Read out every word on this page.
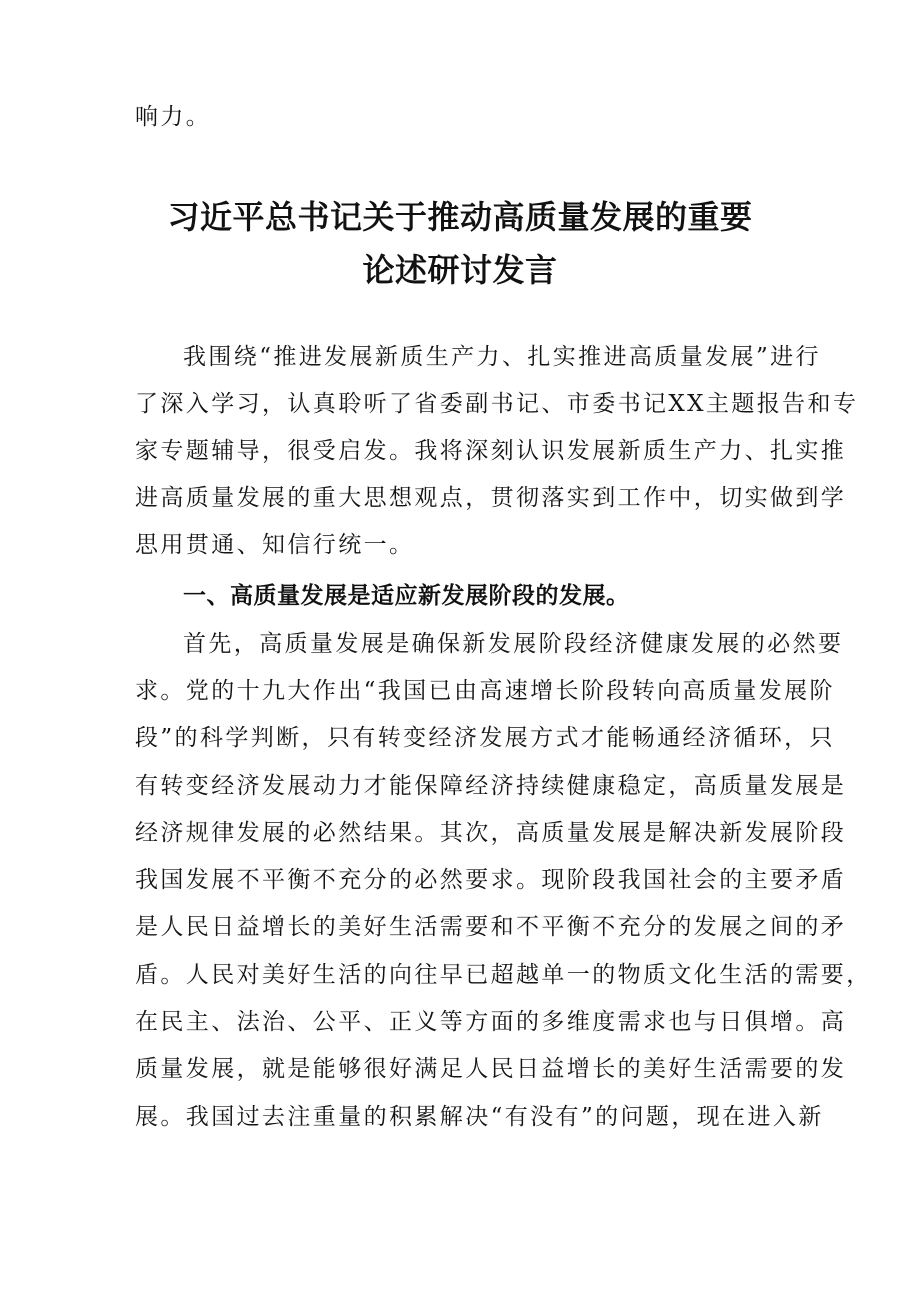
响力。
习近平总书记关于推动高质量发展的重要
论述研讨发言
我围绕“推进发展新质生产力、扎实推进高质量发展”进行
了深入学习，认真聆听了省委副书记、市委书记XX主题报告和专
家专题辅导，很受启发。我将深刻认识发展新质生产力、扎实推
进高质量发展的重大思想观点，贯彻落实到工作中，切实做到学
思用贯通、知信行统一。
一、高质量发展是适应新发展阶段的发展。
首先，高质量发展是确保新发展阶段经济健康发展的必然要
求。党的十九大作出“我国已由高速增长阶段转向高质量发展阶
段”的科学判断，只有转变经济发展方式才能畅通经济循环，只
有转变经济发展动力才能保障经济持续健康稳定，高质量发展是
经济规律发展的必然结果。其次，高质量发展是解决新发展阶段
我国发展不平衡不充分的必然要求。现阶段我国社会的主要矛盾
是人民日益增长的美好生活需要和不平衡不充分的发展之间的矛
盾。人民对美好生活的向往早已超越单一的物质文化生活的需要，
在民主、法治、公平、正义等方面的多维度需求也与日俱增。高
质量发展，就是能够很好满足人民日益增长的美好生活需要的发
展。我国过去注重量的积累解决“有没有”的问题，现在进入新
